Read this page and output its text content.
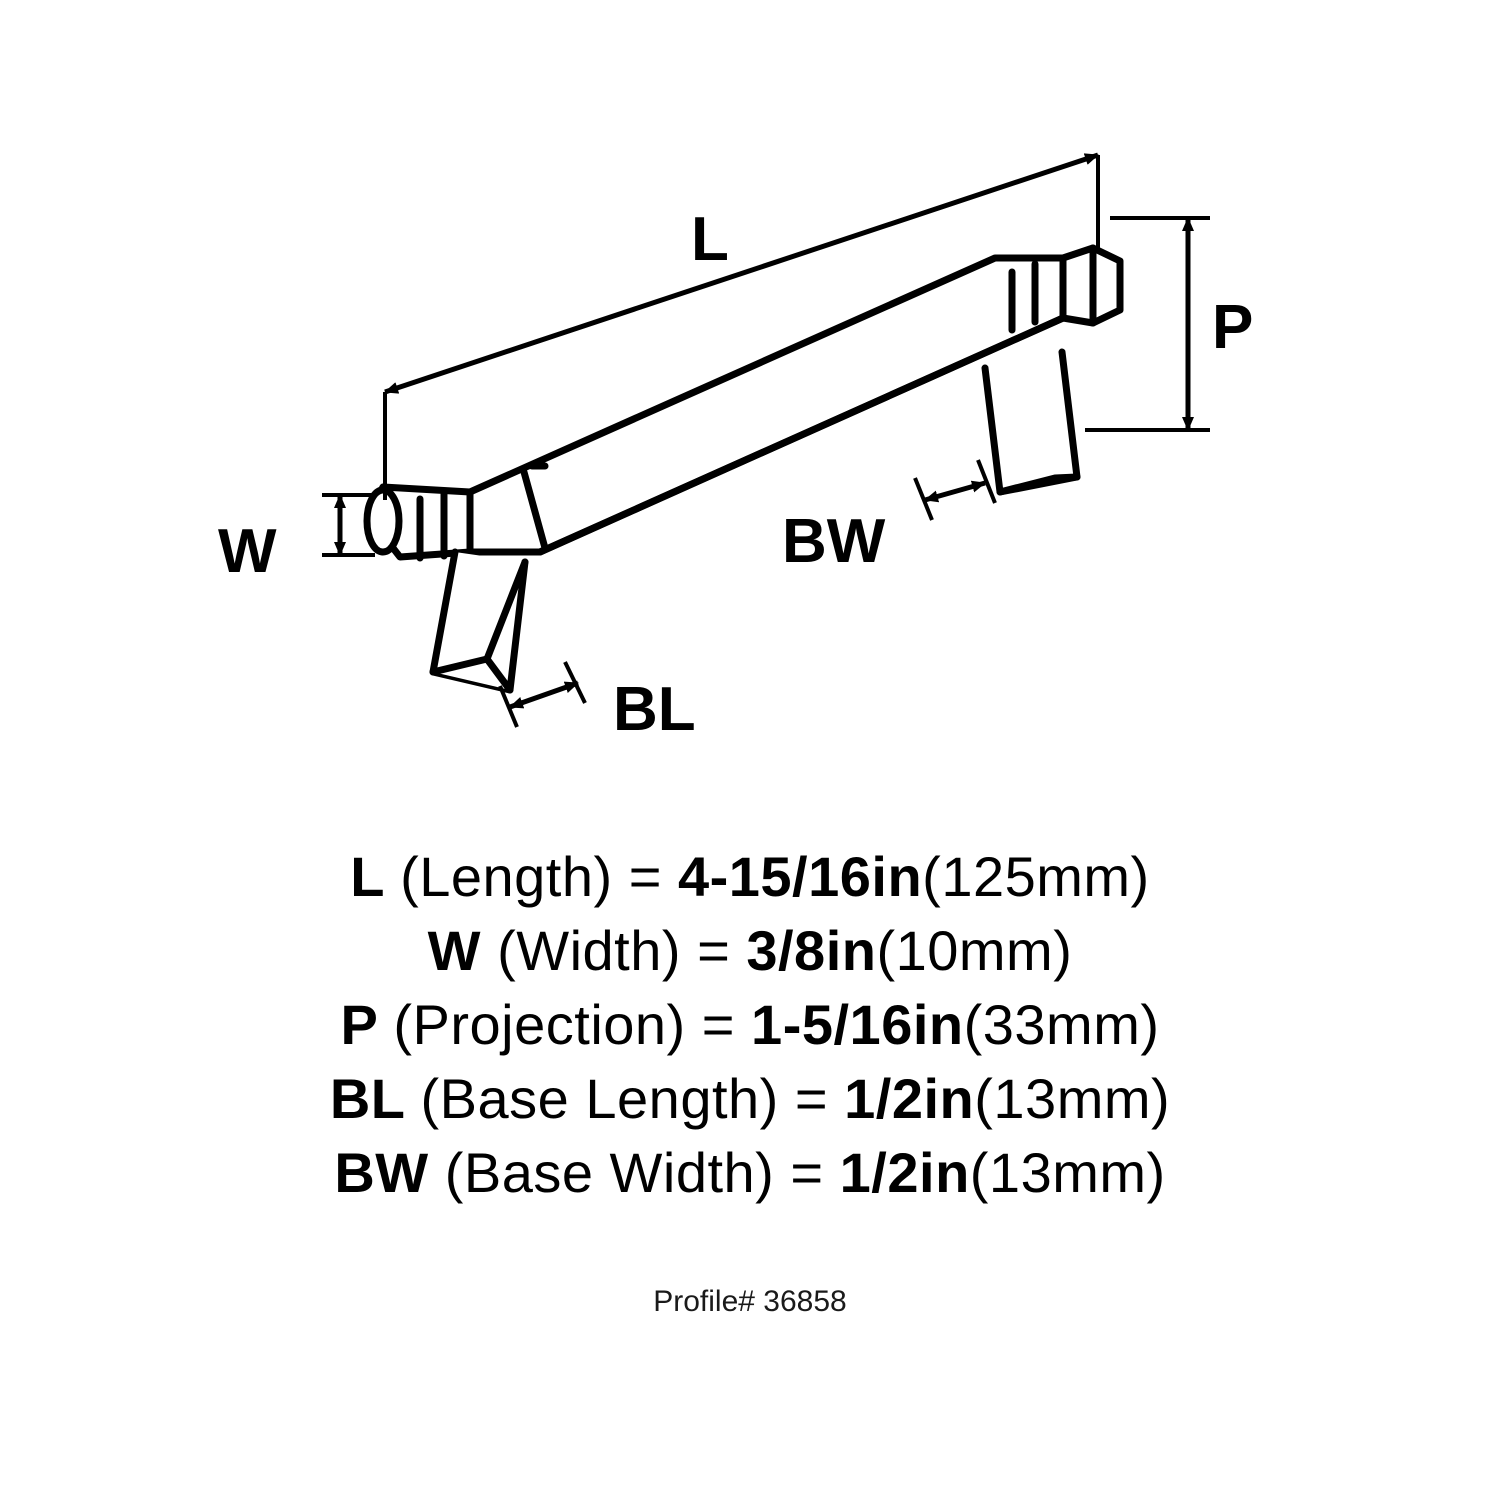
L
W
P
BL
BW
L (Length) = 4-15/16in(125mm)
W (Width) = 3/8in(10mm)
P (Projection) = 1-5/16in(33mm)
BL (Base Length) = 1/2in(13mm)
BW (Base Width) = 1/2in(13mm)
Profile# 36858
